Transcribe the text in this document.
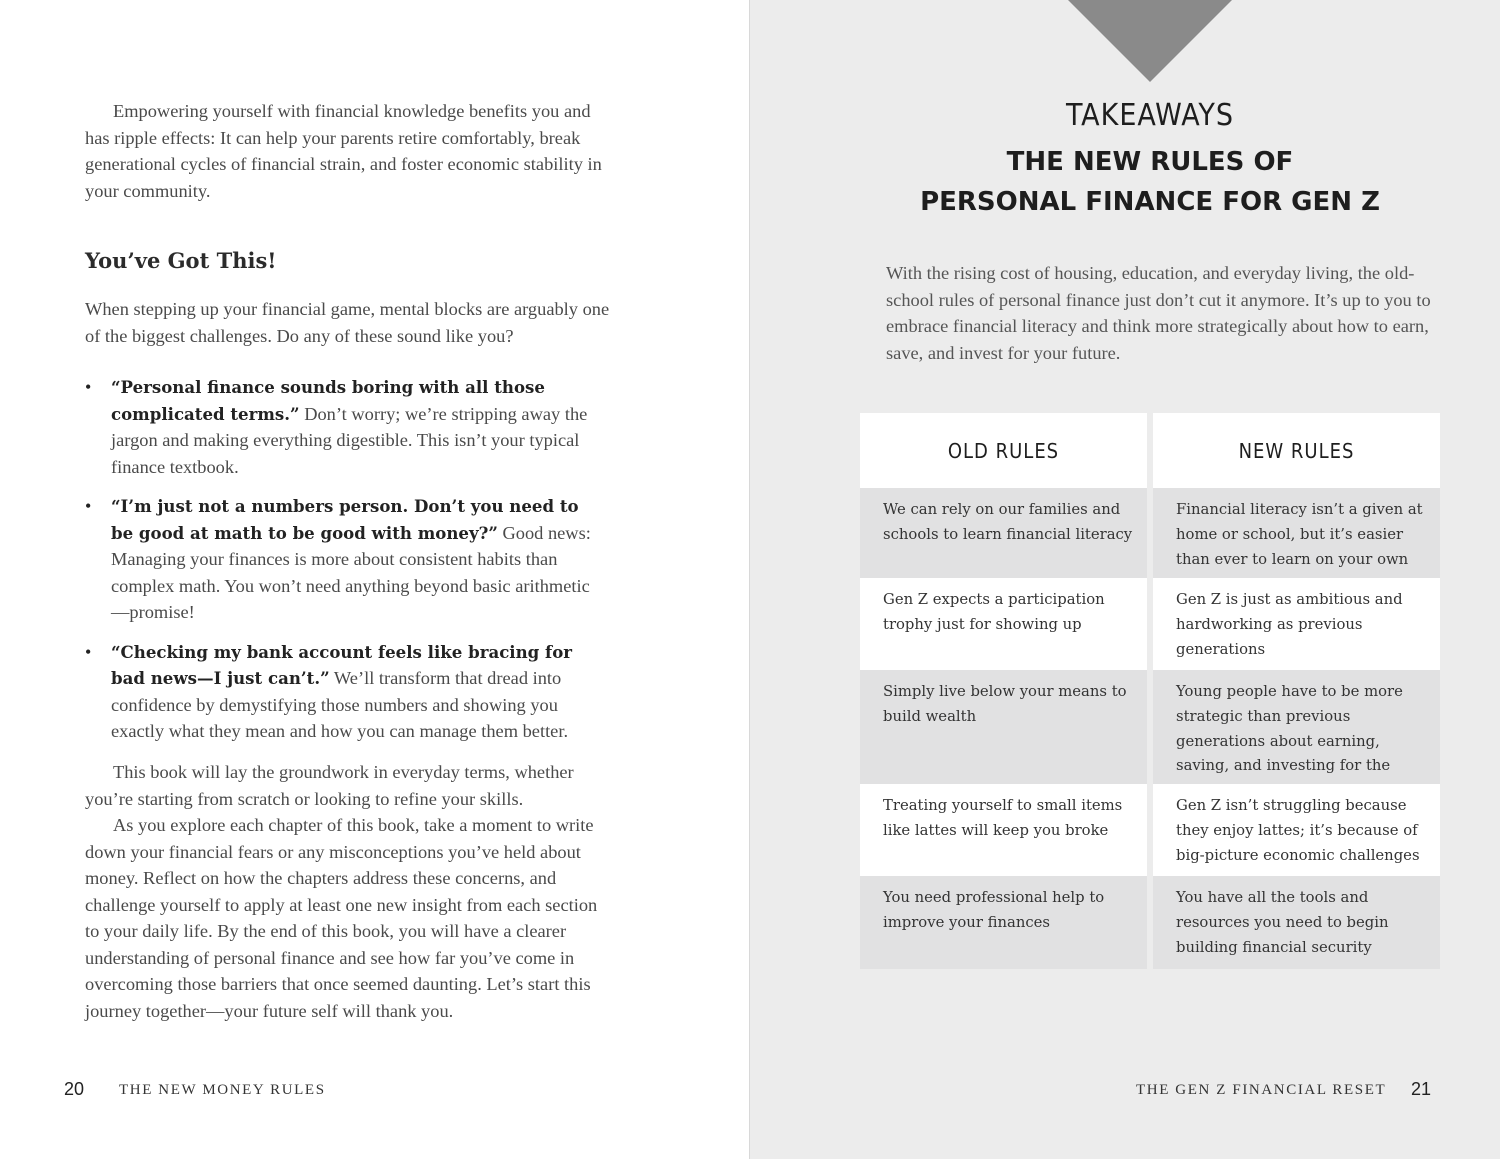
Empowering yourself with financial knowledge benefits you and has ripple effects: It can help your parents retire comfortably, break generational cycles of financial strain, and foster economic stability in your community.

You’ve Got This!

When stepping up your financial game, mental blocks are arguably one of the biggest challenges. Do any of these sound like you?

• “Personal finance sounds boring with all those complicated terms.” Don’t worry; we’re stripping away the jargon and making everything digestible. This isn’t your typical finance textbook.
• “I’m just not a numbers person. Don’t you need to be good at math to be good with money?” Good news: Managing your finances is more about consistent habits than complex math. You won’t need anything beyond basic arithmetic—promise!
• “Checking my bank account feels like bracing for bad news—I just can’t.” We’ll transform that dread into confidence by demystifying those numbers and showing you exactly what they mean and how you can manage them better.

This book will lay the groundwork in everyday terms, whether you’re starting from scratch or looking to refine your skills.

As you explore each chapter of this book, take a moment to write down your financial fears or any misconceptions you’ve held about money. Reflect on how the chapters address these concerns, and challenge yourself to apply at least one new insight from each section to your daily life. By the end of this book, you will have a clearer understanding of personal finance and see how far you’ve come in overcoming those barriers that once seemed daunting. Let’s start this journey together—your future self will thank you.

20 THE NEW MONEY RULES
TAKEAWAYS
THE NEW RULES OF
PERSONAL FINANCE FOR GEN Z

With the rising cost of housing, education, and everyday living, the old-school rules of personal finance just don’t cut it anymore. It’s up to you to embrace financial literacy and think more strategically about how to earn, save, and invest for your future.

OLD RULES	NEW RULES
We can rely on our families and schools to learn financial literacy
Financial literacy isn’t a given at home or school, but it’s easier than ever to learn on your own
Gen Z expects a participation trophy just for showing up
Gen Z is just as ambitious and hardworking as previous generations
Simply live below your means to build wealth
Young people have to be more strategic than previous generations about earning, saving, and investing for the
Treating yourself to small items like lattes will keep you broke
Gen Z isn’t struggling because they enjoy lattes; it’s because of big-picture economic challenges
You need professional help to improve your finances
You have all the tools and resources you need to begin building financial security
THE GEN Z FINANCIAL RESET 21
